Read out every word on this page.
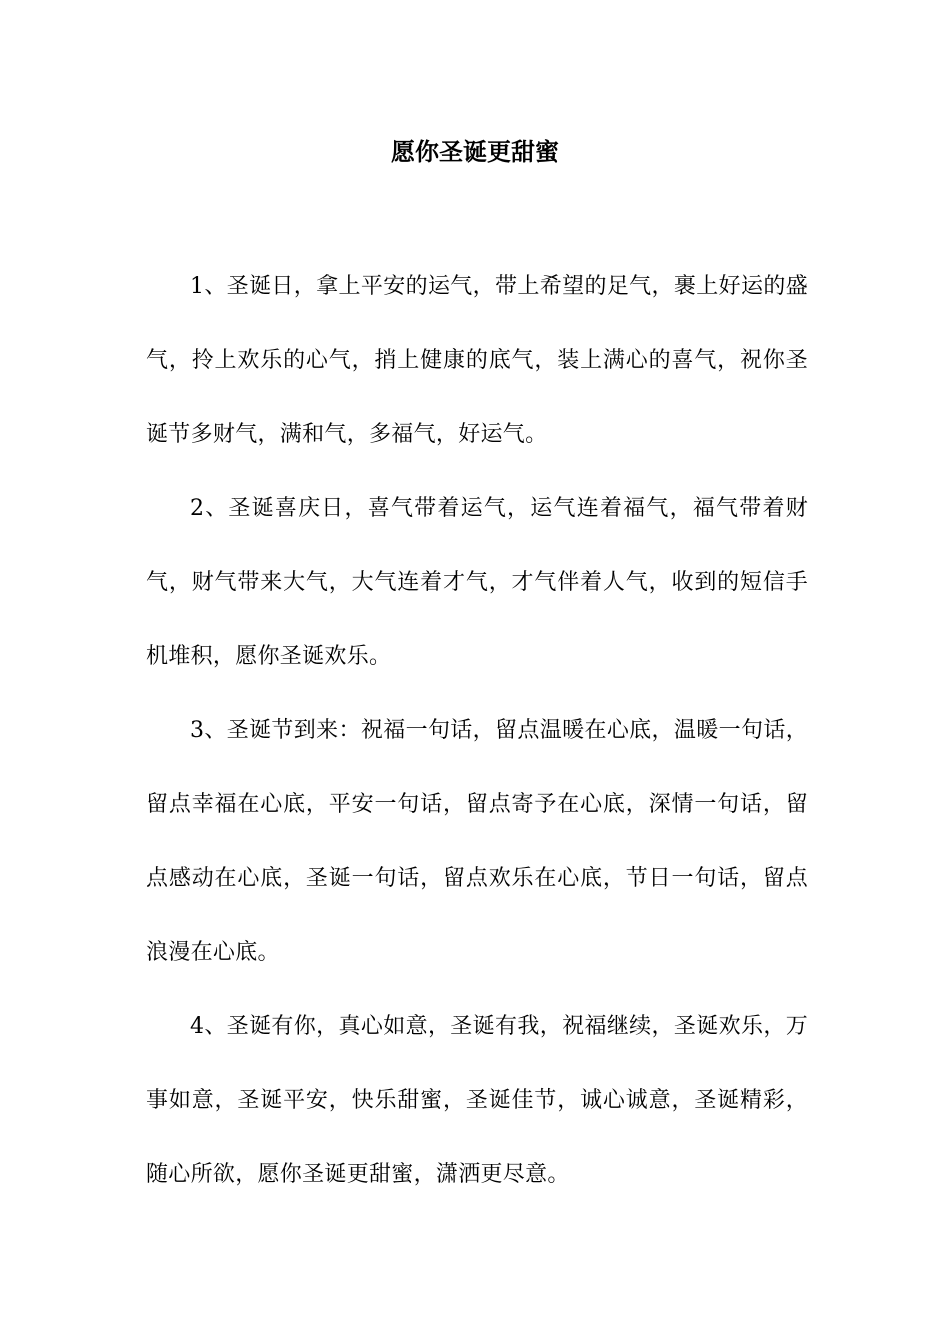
愿你圣诞更甜蜜

1、圣诞日，拿上平安的运气，带上希望的足气，裹上好运的盛气，拎上欢乐的心气，捎上健康的底气，装上满心的喜气，祝你圣诞节多财气，满和气，多福气，好运气。

2、圣诞喜庆日，喜气带着运气，运气连着福气，福气带着财气，财气带来大气，大气连着才气，才气伴着人气，收到的短信手机堆积，愿你圣诞欢乐。

3、圣诞节到来：祝福一句话，留点温暖在心底，温暖一句话，留点幸福在心底，平安一句话，留点寄予在心底，深情一句话，留点感动在心底，圣诞一句话，留点欢乐在心底，节日一句话，留点浪漫在心底。

4、圣诞有你，真心如意，圣诞有我，祝福继续，圣诞欢乐，万事如意，圣诞平安，快乐甜蜜，圣诞佳节，诚心诚意，圣诞精彩，随心所欲，愿你圣诞更甜蜜，潇洒更尽意。
